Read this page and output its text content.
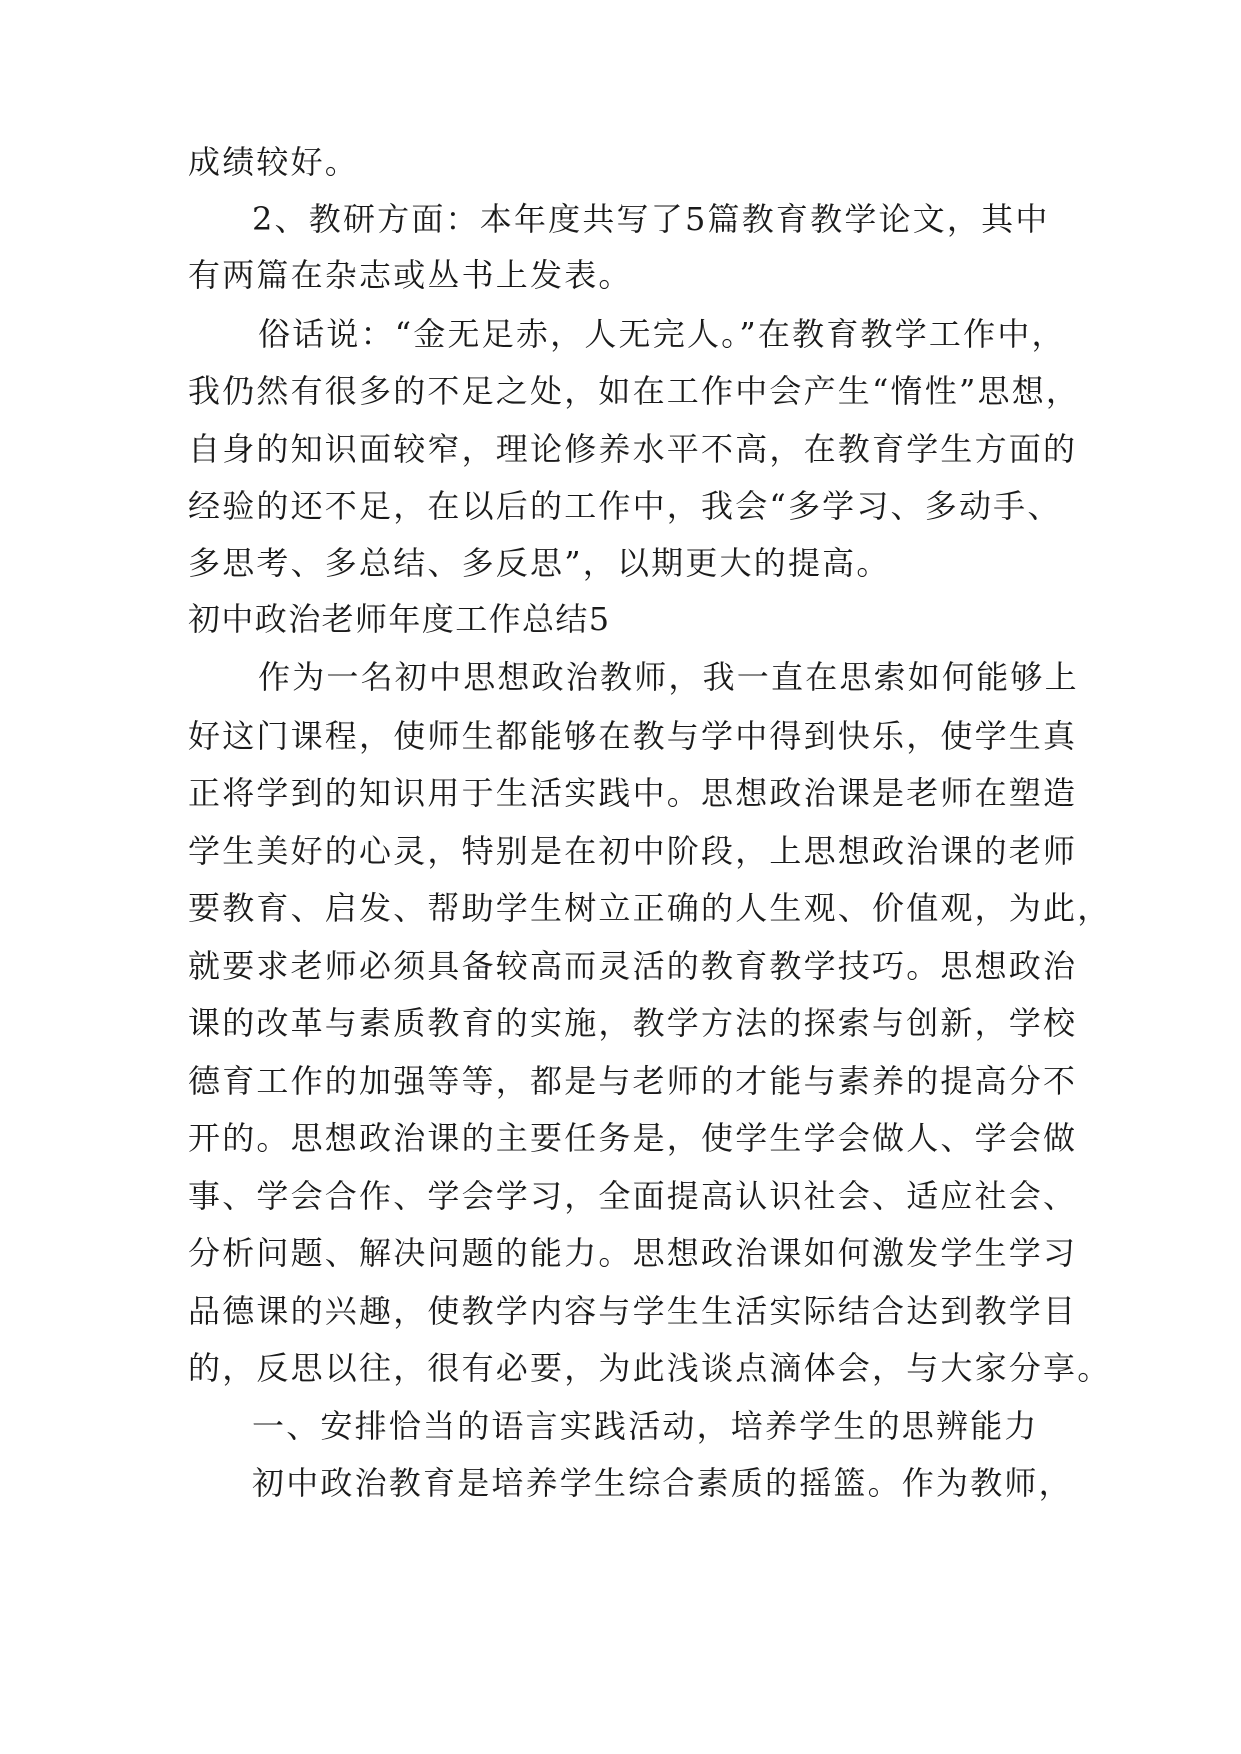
成绩较好。
2、教研方面：本年度共写了5篇教育教学论文，其中
有两篇在杂志或丛书上发表。
俗话说：“金无足赤，人无完人。”在教育教学工作中，
我仍然有很多的不足之处，如在工作中会产生“惰性”思想，
自身的知识面较窄，理论修养水平不高，在教育学生方面的
经验的还不足，在以后的工作中，我会“多学习、多动手、
多思考、多总结、多反思”，以期更大的提高。
初中政治老师年度工作总结5
作为一名初中思想政治教师，我一直在思索如何能够上
好这门课程，使师生都能够在教与学中得到快乐，使学生真
正将学到的知识用于生活实践中。思想政治课是老师在塑造
学生美好的心灵，特别是在初中阶段，上思想政治课的老师
要教育、启发、帮助学生树立正确的人生观、价值观，为此，
就要求老师必须具备较高而灵活的教育教学技巧。思想政治
课的改革与素质教育的实施，教学方法的探索与创新，学校
德育工作的加强等等，都是与老师的才能与素养的提高分不
开的。思想政治课的主要任务是，使学生学会做人、学会做
事、学会合作、学会学习，全面提高认识社会、适应社会、
分析问题、解决问题的能力。思想政治课如何激发学生学习
品德课的兴趣，使教学内容与学生生活实际结合达到教学目
的，反思以往，很有必要，为此浅谈点滴体会，与大家分享。
一、安排恰当的语言实践活动，培养学生的思辨能力
初中政治教育是培养学生综合素质的摇篮。作为教师，
